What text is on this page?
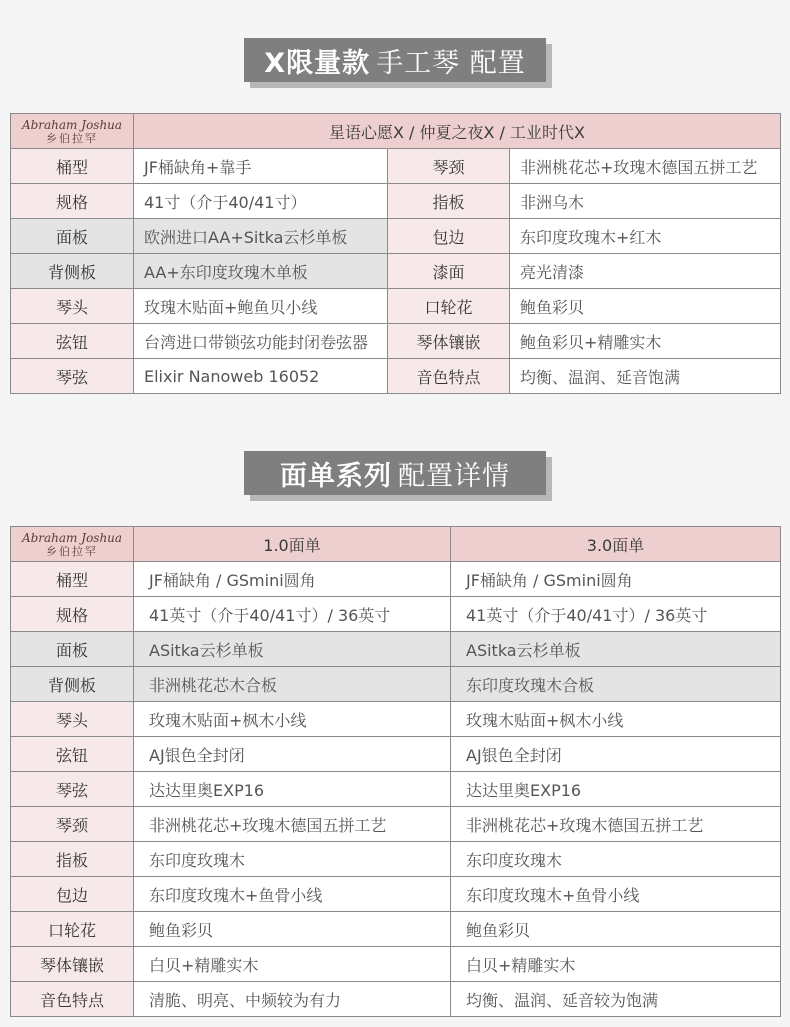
X限量款 手工琴 配置
Abraham Joshua
乡伯拉罕	星语心愿X / 仲夏之夜X / 工业时代X		
桶型	JF桶缺角+靠手	琴颈	非洲桃花芯+玫瑰木德国五拼工艺
规格	41寸（介于40/41寸）	指板	非洲乌木
面板	欧洲进口AA+Sitka云杉单板	包边	东印度玫瑰木+红木
背侧板	AA+东印度玫瑰木单板	漆面	亮光清漆
琴头	玫瑰木贴面+鲍鱼贝小线	口轮花	鲍鱼彩贝
弦钮	台湾进口带锁弦功能封闭卷弦器	琴体镶嵌	鲍鱼彩贝+精雕实木
琴弦	Elixir Nanoweb 16052	音色特点	均衡、温润、延音饱满
面单系列 配置详情
Abraham Joshua
乡伯拉罕	1.0面单	3.0面单
桶型	JF桶缺角 / GSmini圆角	JF桶缺角 / GSmini圆角
规格	41英寸（介于40/41寸）/ 36英寸	41英寸（介于40/41寸）/ 36英寸
面板	ASitka云杉单板	ASitka云杉单板
背侧板	非洲桃花芯木合板	东印度玫瑰木合板
琴头	玫瑰木贴面+枫木小线	玫瑰木贴面+枫木小线
弦钮	AJ银色全封闭	AJ银色全封闭
琴弦	达达里奥EXP16	达达里奥EXP16
琴颈	非洲桃花芯+玫瑰木德国五拼工艺	非洲桃花芯+玫瑰木德国五拼工艺
指板	东印度玫瑰木	东印度玫瑰木
包边	东印度玫瑰木+鱼骨小线	东印度玫瑰木+鱼骨小线
口轮花	鲍鱼彩贝	鲍鱼彩贝
琴体镶嵌	白贝+精雕实木	白贝+精雕实木
音色特点	清脆、明亮、中频较为有力	均衡、温润、延音较为饱满
